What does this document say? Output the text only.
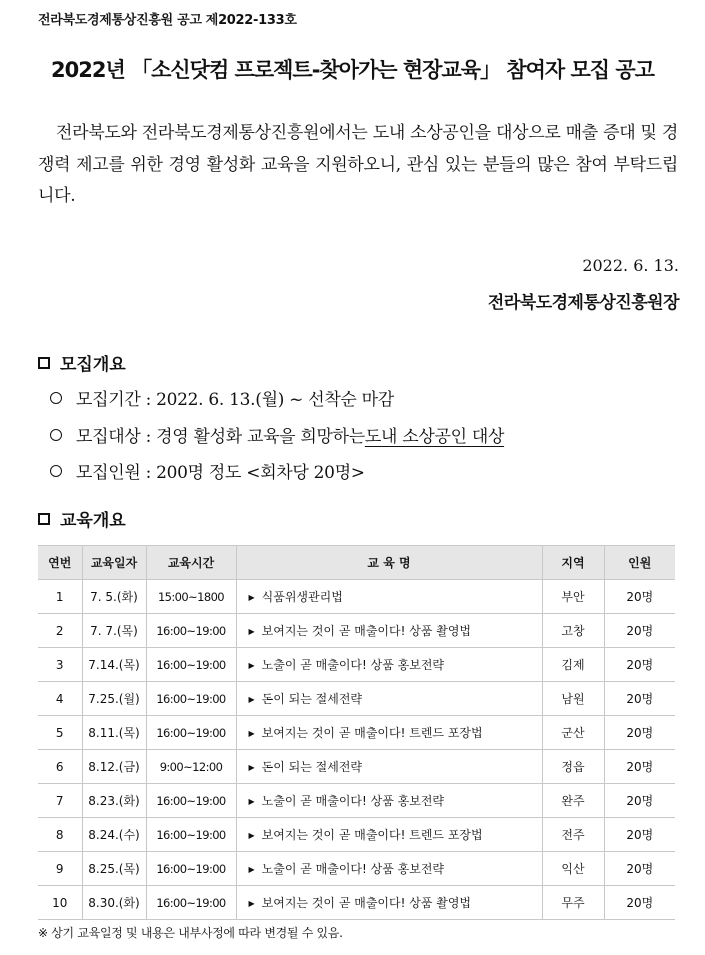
전라북도경제통상진흥원 공고 제2022-133호
2022년 「소신닷컴 프로젝트-찾아가는 현장교육」 참여자 모집 공고
전라북도와 전라북도경제통상진흥원에서는 도내 소상공인을 대상으로 매출 증대 및 경쟁력 제고를 위한 경영 활성화 교육을 지원하오니, 관심 있는 분들의 많은 참여 부탁드립니다.
2022. 6. 13.
전라북도경제통상진흥원장
모집개요
모집기간 : 2022. 6. 13.(월) ~ 선착순 마감
모집대상 : 경영 활성화 교육을 희망하는 도내 소상공인 대상
모집인원 : 200명 정도 <회차당 20명>
교육개요
연번	교육일자	교육시간	교 육 명	지역	인원
1	7. 5.(화)	15:00~1800	▶ 식품위생관리법	부안	20명
2	7. 7.(목)	16:00~19:00	▶ 보여지는 것이 곧 매출이다! 상품 촬영법	고창	20명
3	7.14.(목)	16:00~19:00	▶ 노출이 곧 매출이다! 상품 홍보전략	김제	20명
4	7.25.(월)	16:00~19:00	▶ 돈이 되는 절세전략	남원	20명
5	8.11.(목)	16:00~19:00	▶ 보여지는 것이 곧 매출이다! 트렌드 포장법	군산	20명
6	8.12.(금)	9:00~12:00	▶ 돈이 되는 절세전략	정읍	20명
7	8.23.(화)	16:00~19:00	▶ 노출이 곧 매출이다! 상품 홍보전략	완주	20명
8	8.24.(수)	16:00~19:00	▶ 보여지는 것이 곧 매출이다! 트렌드 포장법	전주	20명
9	8.25.(목)	16:00~19:00	▶ 노출이 곧 매출이다! 상품 홍보전략	익산	20명
10	8.30.(화)	16:00~19:00	▶ 보여지는 것이 곧 매출이다! 상품 촬영법	무주	20명
※ 상기 교육일정 및 내용은 내부사정에 따라 변경될 수 있음.
